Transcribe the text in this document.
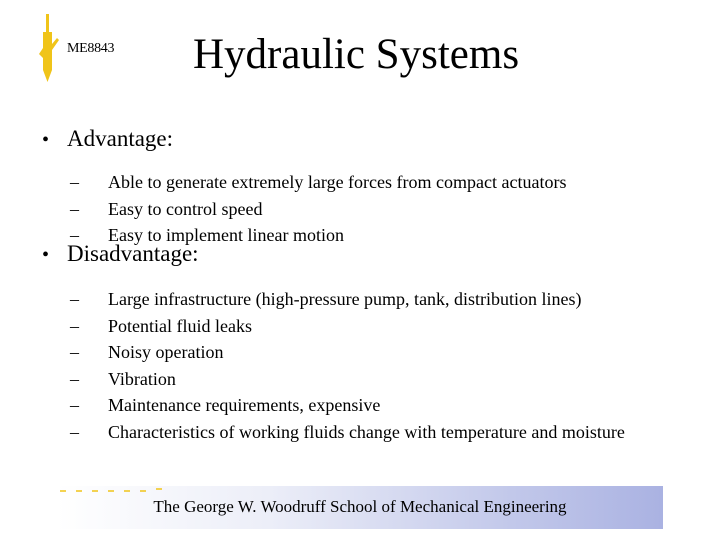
ME8843 Hydraulic Systems
• Advantage:
–	Able to generate extremely large forces from compact actuators
–	Easy to control speed
–	Easy to implement linear motion
• Disadvantage:
–	Large infrastructure (high-pressure pump, tank, distribution lines)
–	Potential fluid leaks
–	Noisy operation
–	Vibration
–	Maintenance requirements, expensive
–	Characteristics of working fluids change with temperature and moisture
The George W. Woodruff School of Mechanical Engineering
